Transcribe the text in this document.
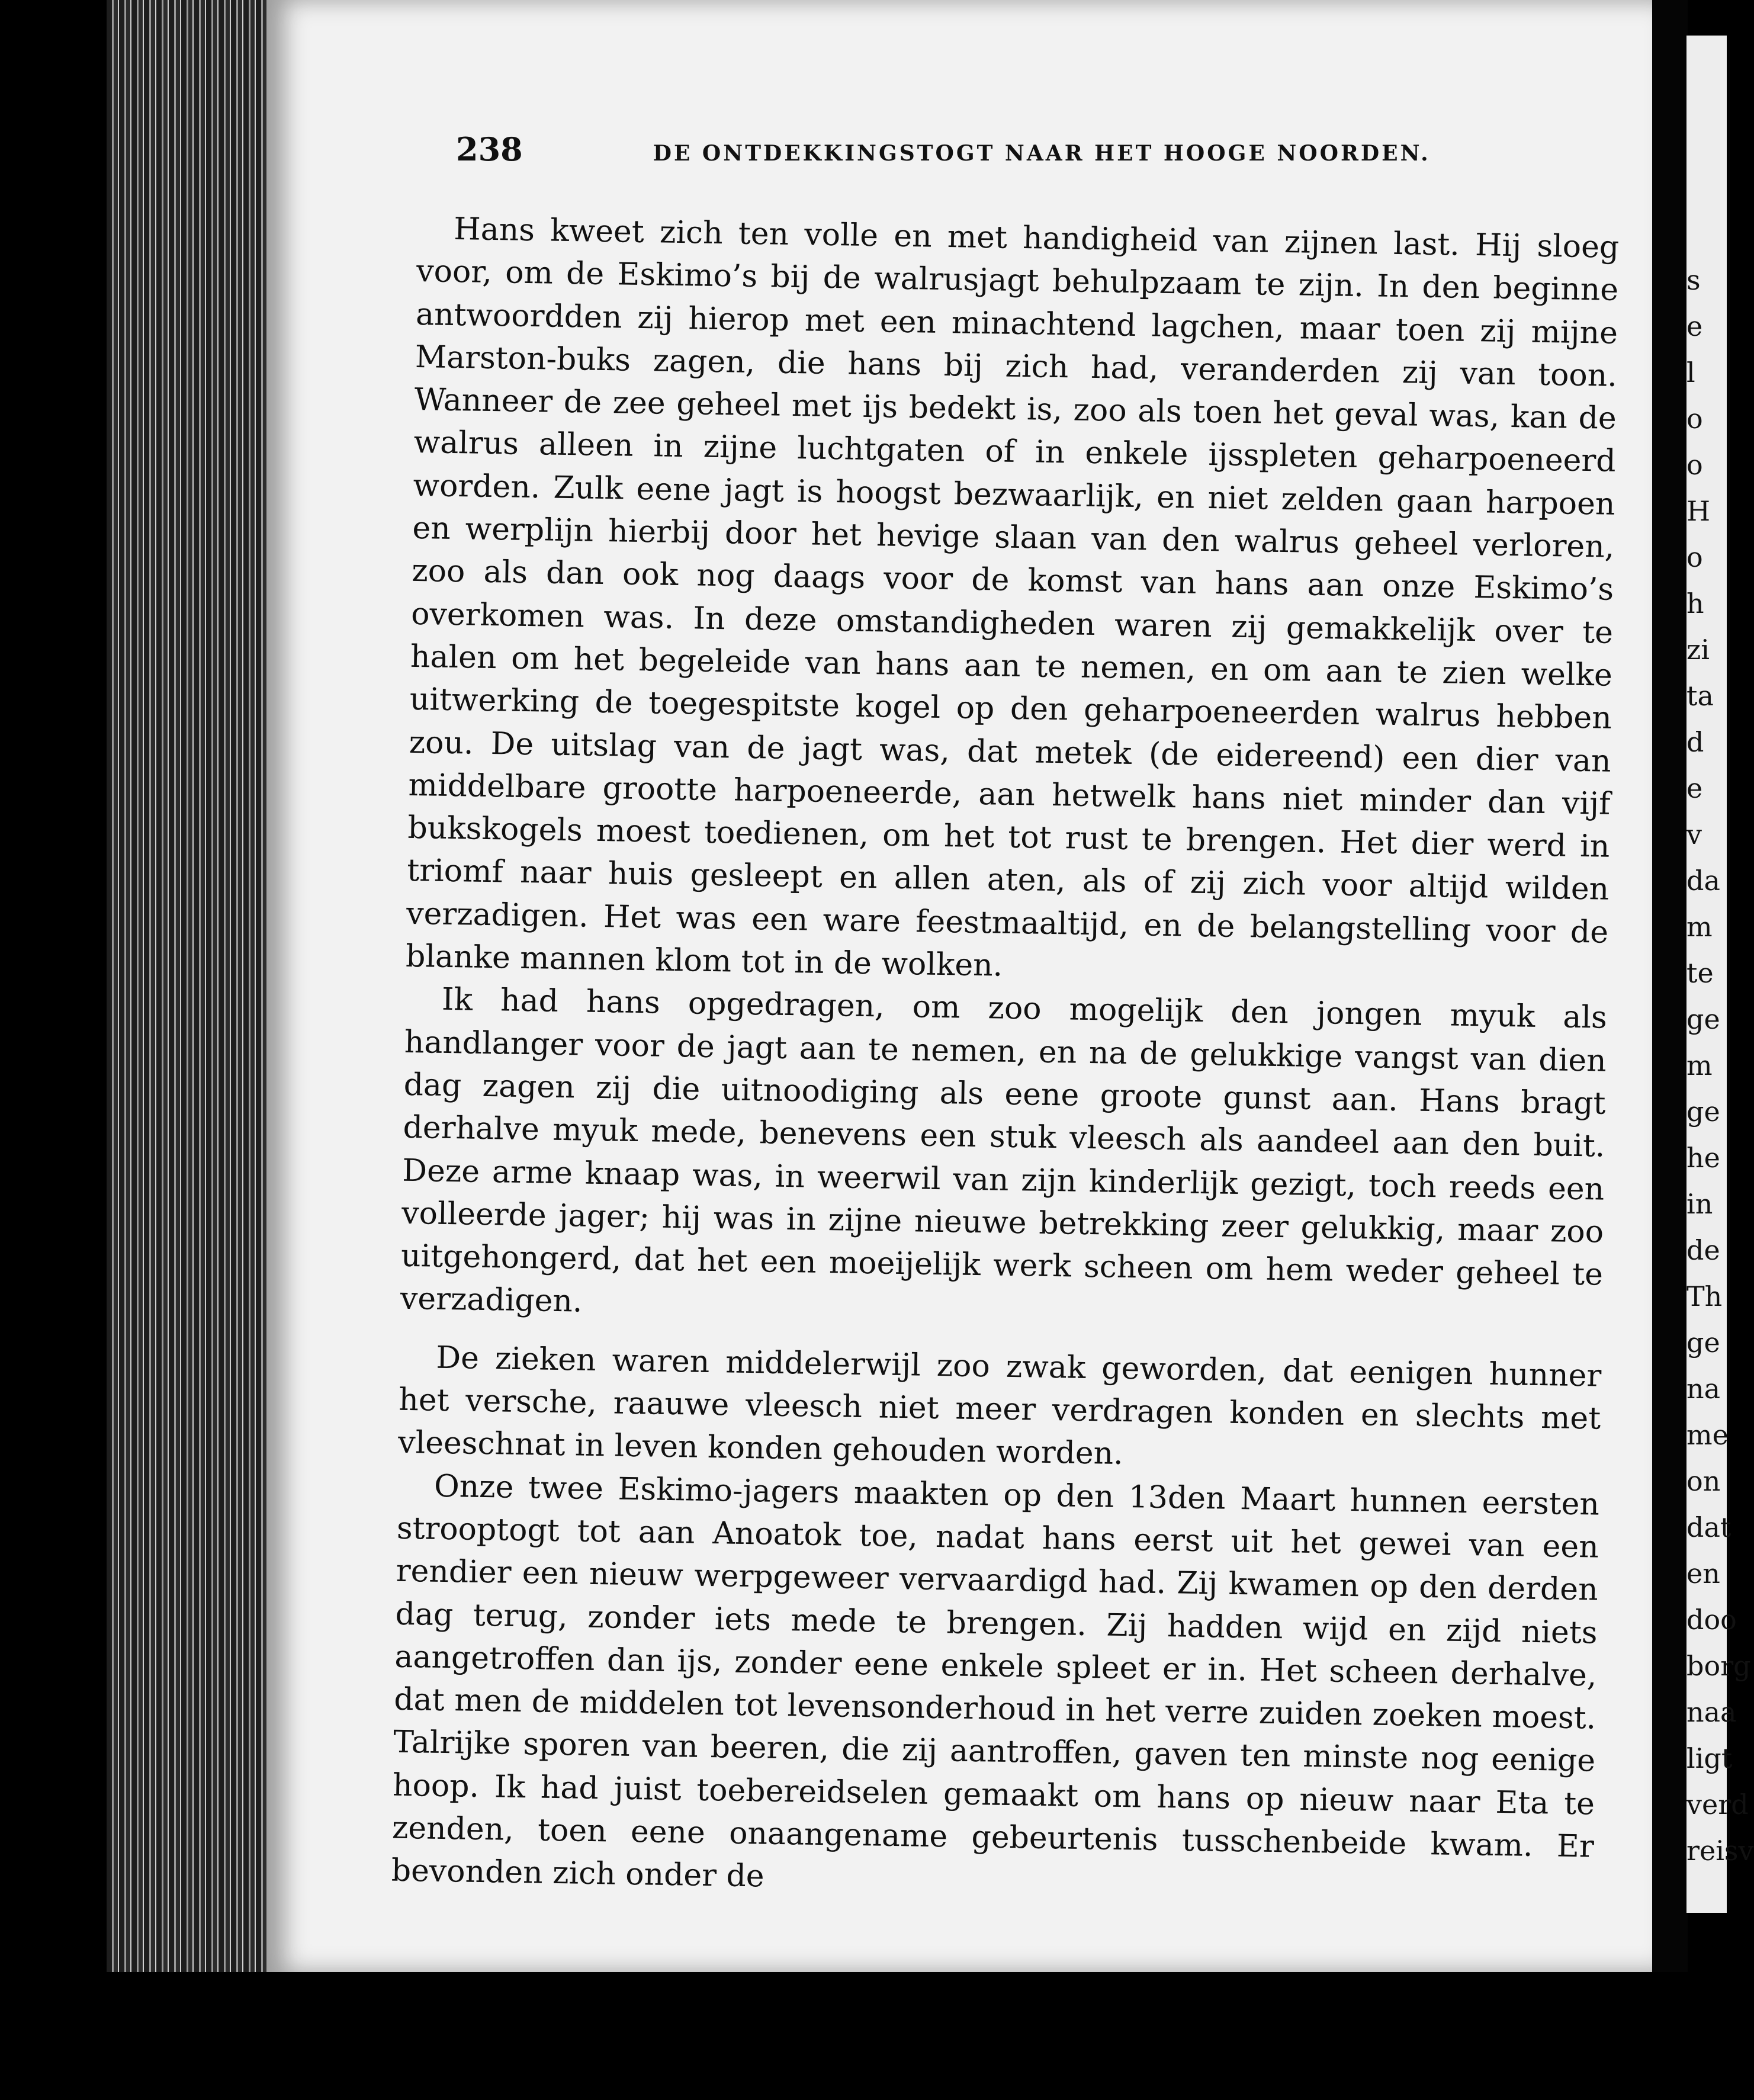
s
e
l
o
o
H
o
h
zi
ta
d
e
v
da
m
te
ge
m
ge
he
in
de
Th
ge
na
me
on
dat
en
doo
borg
naa
ligt
verd
reisv
238	DE ONTDEKKINGSTOGT NAAR HET HOOGE NOORDEN.

Hans kweet zich ten volle en met handigheid van zijnen last. Hij sloeg voor, om de Eskimo’s bij de walrusjagt behulpzaam te zijn. In den beginne antwoordden zij hierop met een minachtend lagchen, maar toen zij mijne Marston-buks zagen, die hans bij zich had, veranderden zij van toon. Wanneer de zee geheel met ijs bedekt is, zoo als toen het geval was, kan de walrus alleen in zijne luchtgaten of in enkele ijsspleten geharpoeneerd worden. Zulk eene jagt is hoogst bezwaarlijk, en niet zelden gaan harpoen en werplijn hierbij door het hevige slaan van den walrus geheel verloren, zoo als dan ook nog daags voor de komst van hans aan onze Eskimo’s overkomen was. In deze omstandigheden waren zij gemakkelijk over te halen om het begeleide van hans aan te nemen, en om aan te zien welke uitwerking de toegespitste kogel op den geharpoeneerden walrus hebben zou. De uitslag van de jagt was, dat metek (de eidereend) een dier van middelbare grootte harpoeneerde, aan hetwelk hans niet minder dan vijf bukskogels moest toedienen, om het tot rust te brengen. Het dier werd in triomf naar huis gesleept en allen aten, als of zij zich voor altijd wilden verzadigen. Het was een ware feestmaaltijd, en de belangstelling voor de blanke mannen klom tot in de wolken.

Ik had hans opgedragen, om zoo mogelijk den jongen myuk als handlanger voor de jagt aan te nemen, en na de gelukkige vangst van dien dag zagen zij die uitnoodiging als eene groote gunst aan. Hans bragt derhalve myuk mede, benevens een stuk vleesch als aandeel aan den buit. Deze arme knaap was, in weerwil van zijn kinderlijk gezigt, toch reeds een volleerde jager; hij was in zijne nieuwe betrekking zeer gelukkig, maar zoo uitgehongerd, dat het een moeijelijk werk scheen om hem weder geheel te verzadigen.

De zieken waren middelerwijl zoo zwak geworden, dat eenigen hunner het versche, raauwe vleesch niet meer verdragen konden en slechts met vleeschnat in leven konden gehouden worden.

Onze twee Eskimo-jagers maakten op den 13den Maart hunnen eersten strooptogt tot aan Anoatok toe, nadat hans eerst uit het gewei van een rendier een nieuw werpgeweer vervaardigd had. Zij kwamen op den derden dag terug, zonder iets mede te brengen. Zij hadden wijd en zijd niets aangetroffen dan ijs, zonder eene enkele spleet er in. Het scheen derhalve, dat men de middelen tot levensonderhoud in het verre zuiden zoeken moest. Talrijke sporen van beeren, die zij aantroffen, gaven ten minste nog eenige hoop. Ik had juist toebereidselen gemaakt om hans op nieuw naar Eta te zenden, toen eene onaangename gebeurtenis tusschenbeide kwam. Er bevonden zich onder de
